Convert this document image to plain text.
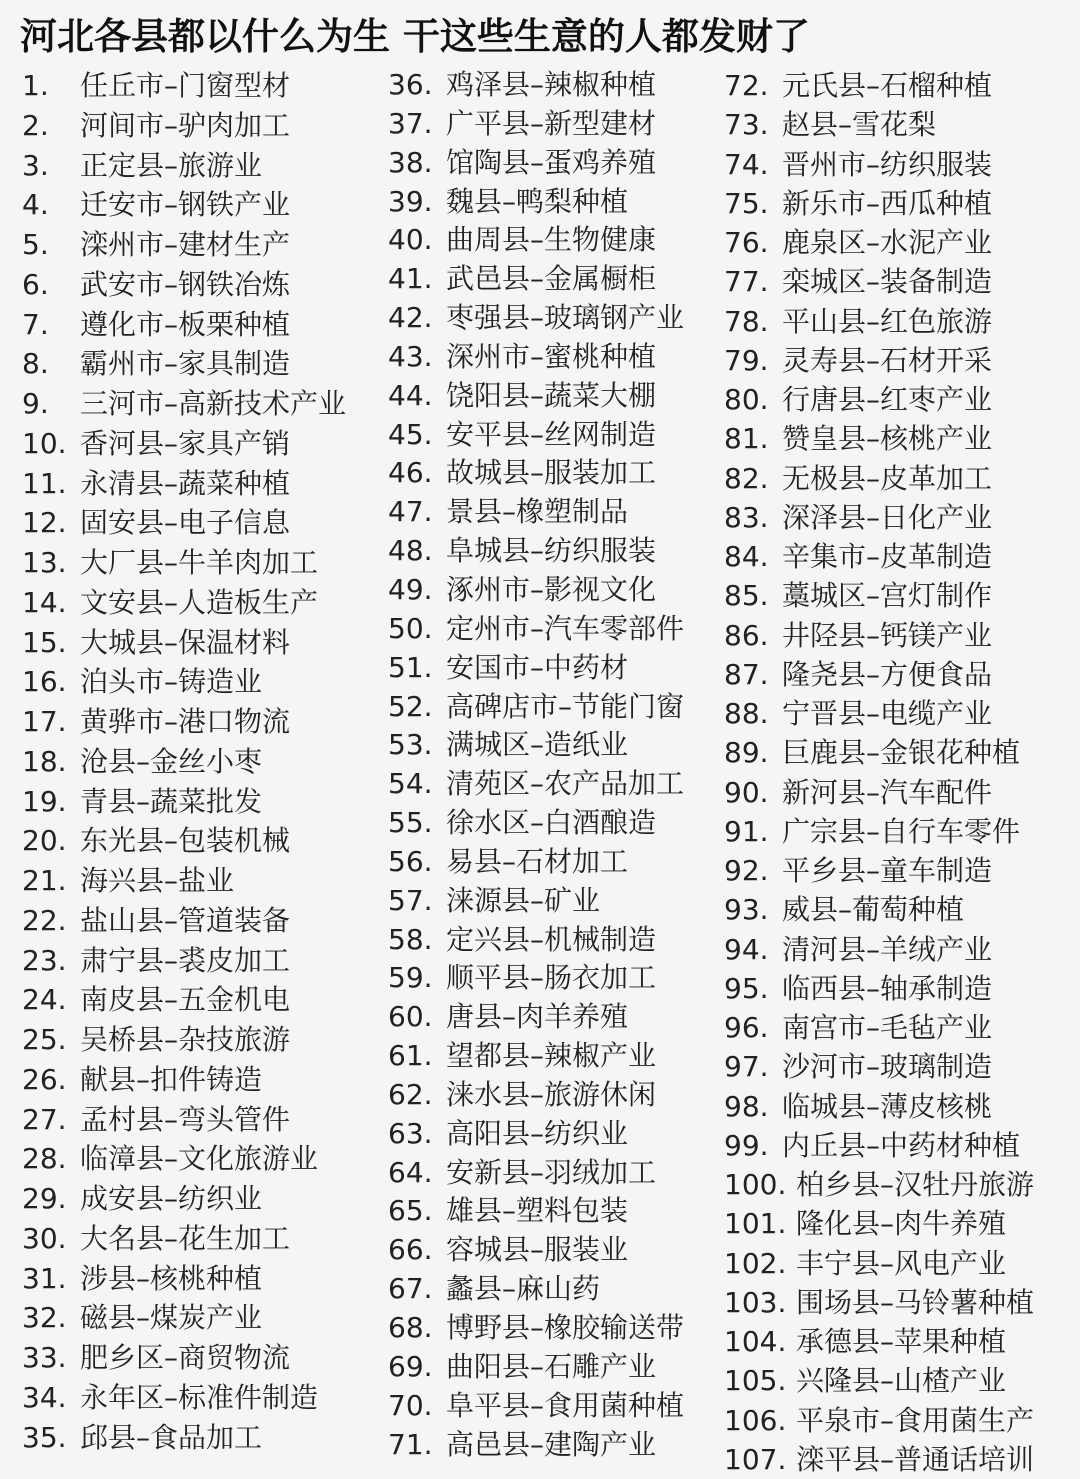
河北各县都以什么为生 干这些生意的人都发财了
1. 任丘市–门窗型材
2. 河间市–驴肉加工
3. 正定县–旅游业
4. 迁安市–钢铁产业
5. 滦州市–建材生产
6. 武安市–钢铁冶炼
7. 遵化市–板栗种植
8. 霸州市–家具制造
9. 三河市–高新技术产业
10. 香河县–家具产销
11. 永清县–蔬菜种植
12. 固安县–电子信息
13. 大厂县–牛羊肉加工
14. 文安县–人造板生产
15. 大城县–保温材料
16. 泊头市–铸造业
17. 黄骅市–港口物流
18. 沧县–金丝小枣
19. 青县–蔬菜批发
20. 东光县–包装机械
21. 海兴县–盐业
22. 盐山县–管道装备
23. 肃宁县–裘皮加工
24. 南皮县–五金机电
25. 吴桥县–杂技旅游
26. 献县–扣件铸造
27. 孟村县–弯头管件
28. 临漳县–文化旅游业
29. 成安县–纺织业
30. 大名县–花生加工
31. 涉县–核桃种植
32. 磁县–煤炭产业
33. 肥乡区–商贸物流
34. 永年区–标准件制造
35. 邱县–食品加工
36. 鸡泽县–辣椒种植
37. 广平县–新型建材
38. 馆陶县–蛋鸡养殖
39. 魏县–鸭梨种植
40. 曲周县–生物健康
41. 武邑县–金属橱柜
42. 枣强县–玻璃钢产业
43. 深州市–蜜桃种植
44. 饶阳县–蔬菜大棚
45. 安平县–丝网制造
46. 故城县–服装加工
47. 景县–橡塑制品
48. 阜城县–纺织服装
49. 涿州市–影视文化
50. 定州市–汽车零部件
51. 安国市–中药材
52. 高碑店市–节能门窗
53. 满城区–造纸业
54. 清苑区–农产品加工
55. 徐水区–白酒酿造
56. 易县–石材加工
57. 涞源县–矿业
58. 定兴县–机械制造
59. 顺平县–肠衣加工
60. 唐县–肉羊养殖
61. 望都县–辣椒产业
62. 涞水县–旅游休闲
63. 高阳县–纺织业
64. 安新县–羽绒加工
65. 雄县–塑料包装
66. 容城县–服装业
67. 蠡县–麻山药
68. 博野县–橡胶输送带
69. 曲阳县–石雕产业
70. 阜平县–食用菌种植
71. 高邑县–建陶产业
72. 元氏县–石榴种植
73. 赵县–雪花梨
74. 晋州市–纺织服装
75. 新乐市–西瓜种植
76. 鹿泉区–水泥产业
77. 栾城区–装备制造
78. 平山县–红色旅游
79. 灵寿县–石材开采
80. 行唐县–红枣产业
81. 赞皇县–核桃产业
82. 无极县–皮革加工
83. 深泽县–日化产业
84. 辛集市–皮革制造
85. 藁城区–宫灯制作
86. 井陉县–钙镁产业
87. 隆尧县–方便食品
88. 宁晋县–电缆产业
89. 巨鹿县–金银花种植
90. 新河县–汽车配件
91. 广宗县–自行车零件
92. 平乡县–童车制造
93. 威县–葡萄种植
94. 清河县–羊绒产业
95. 临西县–轴承制造
96. 南宫市–毛毡产业
97. 沙河市–玻璃制造
98. 临城县–薄皮核桃
99. 内丘县–中药材种植
100. 柏乡县–汉牡丹旅游
101. 隆化县–肉牛养殖
102. 丰宁县–风电产业
103. 围场县–马铃薯种植
104. 承德县–苹果种植
105. 兴隆县–山楂产业
106. 平泉市–食用菌生产
107. 滦平县–普通话培训
